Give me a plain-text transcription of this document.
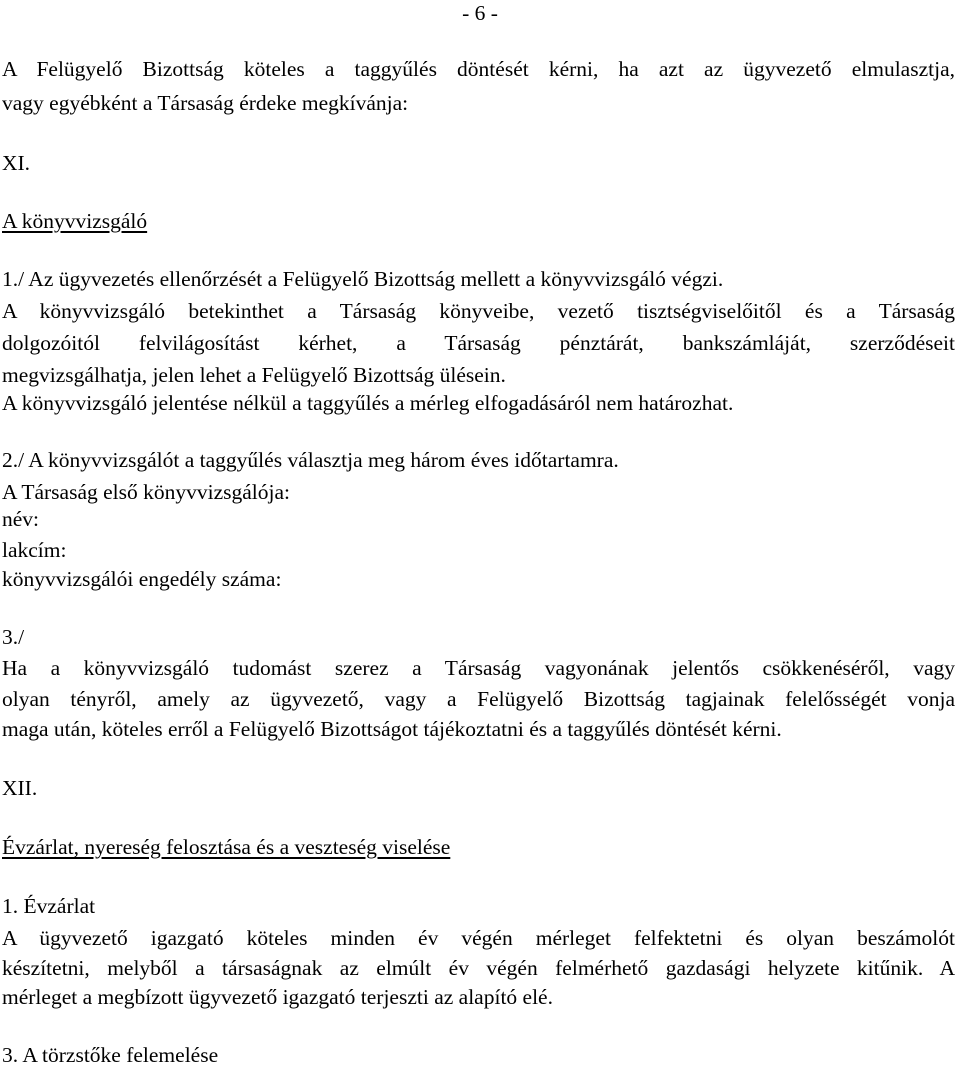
- 6 -
A Felügyelő Bizottság köteles a taggyűlés döntését kérni, ha azt az ügyvezető elmulasztja,
vagy egyébként a Társaság érdeke megkívánja:
XI.
A könyvvizsgáló
1./ Az ügyvezetés ellenőrzését a Felügyelő Bizottság mellett a könyvvizsgáló végzi.
A könyvvizsgáló betekinthet a Társaság könyveibe, vezető tisztségviselőitől és a Társaság
dolgozóitól felvilágosítást kérhet, a Társaság pénztárát, bankszámláját, szerződéseit
megvizsgálhatja, jelen lehet a Felügyelő Bizottság ülésein.
A könyvvizsgáló jelentése nélkül a taggyűlés a mérleg elfogadásáról nem határozhat.
2./ A könyvvizsgálót a taggyűlés választja meg három éves időtartamra.
A Társaság első könyvvizsgálója:
név:
lakcím:
könyvvizsgálói engedély száma:
3./
Ha a könyvvizsgáló tudomást szerez a Társaság vagyonának jelentős csökkenéséről, vagy
olyan tényről, amely az ügyvezető, vagy a Felügyelő Bizottság tagjainak felelősségét vonja
maga után, köteles erről a Felügyelő Bizottságot tájékoztatni és a taggyűlés döntését kérni.
XII.
Évzárlat, nyereség felosztása és a veszteség viselése
1. Évzárlat
A ügyvezető igazgató köteles minden év végén mérleget felfektetni és olyan beszámolót
készítetni, melyből a társaságnak az elmúlt év végén felmérhető gazdasági helyzete kitűnik. A
mérleget a megbízott ügyvezető igazgató terjeszti az alapító elé.
3. A törzstőke felemelése
